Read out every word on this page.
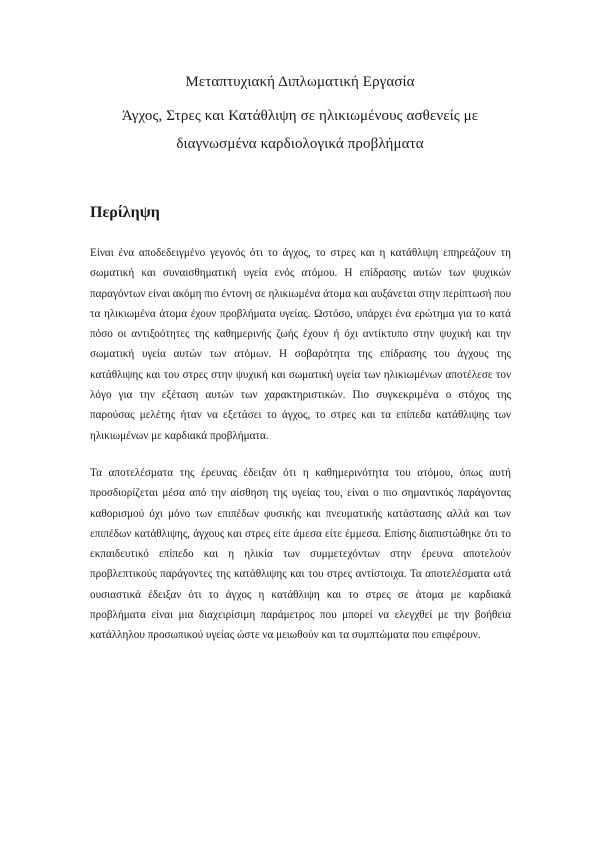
Μεταπτυχιακή Διπλωματική Εργασία

Άγχος, Στρες και Κατάθλιψη σε ηλικιωμένους ασθενείς με

διαγνωσμένα καρδιολογικά προβλήματα

Περίληψη

Είναι ένα αποδεδειγμένο γεγονός ότι το άγχος, το στρες και η κατάθλιψη επηρεάζουν τη σωματική και συναισθηματική υγεία ενός ατόμου. Η επίδρασης αυτών των ψυχικών παραγόντων είναι ακόμη πιο έντονη σε ηλικιωμένα άτομα και αυξάνεται στην περίπτωσή που τα ηλικιωμένα άτομα έχουν προβλήματα υγείας. Ωστόσο, υπάρχει ένα ερώτημα για το κατά πόσο οι αντιξοότητες της καθημερινής ζωής έχουν ή όχι αντίκτυπο στην ψυχική και την σωματική υγεία αυτών των ατόμων. Η σοβαρότητα της επίδρασης του άγχους της κατάθλιψης και του στρες στην ψυχική και σωματική υγεία των ηλικιωμένων αποτέλεσε τον λόγο για την εξέταση αυτών των χαρακτηριστικών. Πιο συγκεκριμένα ο στόχος της παρούσας μελέτης ήταν να εξετάσει το άγχος, το στρες και τα επίπεδα κατάθλιψης των ηλικιωμένων με καρδιακά προβλήματα.

Τα αποτελέσματα της έρευνας έδειξαν ότι η καθημερινότητα του ατόμου, όπως αυτή προσδιορίζεται μέσα από την αίσθηση της υγείας του, είναι ο πιο σημαντικός παράγοντας καθορισμού όχι μόνο των επιπέδων φυσικής και πνευματικής κατάστασης αλλά και των επιπέδων κατάθλιψης, άγχους και στρες είτε άμεσα είτε έμμεσα. Επίσης διαπιστώθηκε ότι το εκπαιδευτικό επίπεδο και η ηλικία των συμμετεχόντων στην έρευνα αποτελούν προβλεπτικούς παράγοντες της κατάθλιψης και του στρες αντίστοιχα. Τα αποτελέσματα ωτά ουσιαστικά έδειξαν ότι το άγχος η κατάθλιψη και το στρες σε άτομα με καρδιακά προβλήματα είναι μια διαχειρίσιμη παράμετρος που μπορεί να ελεγχθεί με την βοήθεια κατάλληλου προσωπικού υγείας ώστε να μειωθούν και τα συμπτώματα που επιφέρουν.
